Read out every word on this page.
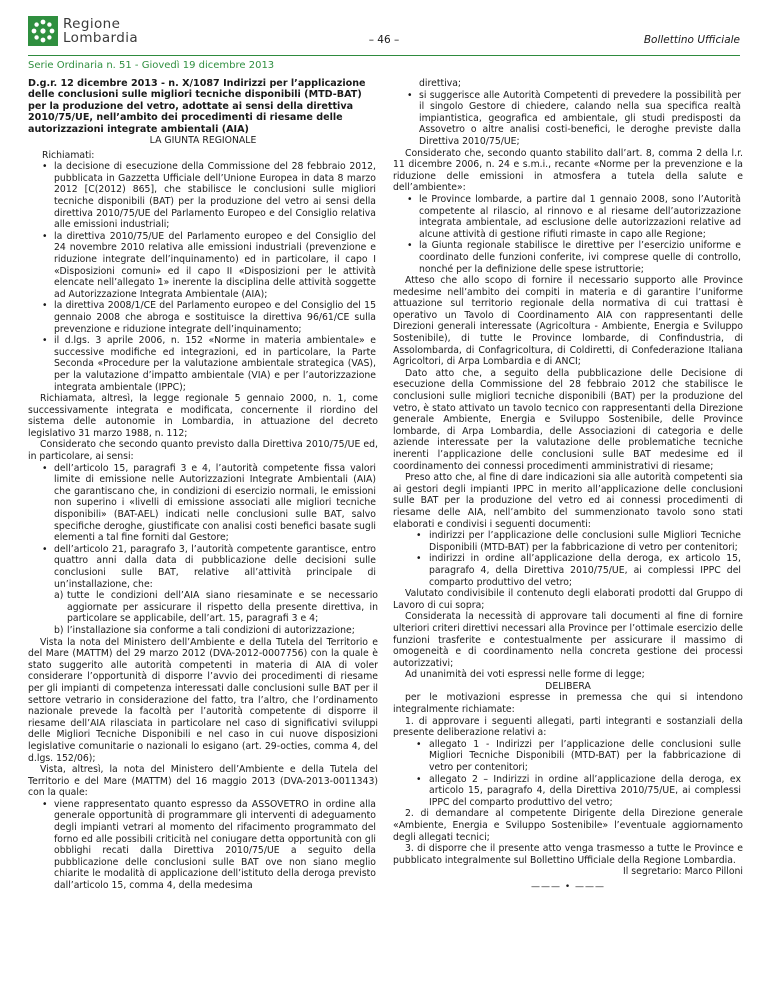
Regione
Lombardia	– 46 –	Bollettino Ufficiale
Serie Ordinaria n. 51 - Giovedì 19 dicembre 2013

D.g.r. 12 dicembre 2013 - n. X/1087 Indirizzi per l’applicazione delle conclusioni sulle migliori tecniche disponibili (MTD-BAT) per la produzione del vetro, adottate ai sensi della direttiva 2010/75/UE, nell’ambito dei procedimenti di riesame delle autorizzazioni integrate ambientali (AIA)

LA GIUNTA REGIONALE

Richiamati:

• la decisione di esecuzione della Commissione del 28 febbraio 2012, pubblicata in Gazzetta Ufficiale dell’Unione Europea in data 8 marzo 2012 [C(2012) 865], che stabilisce le conclusioni sulle migliori tecniche disponibili (BAT) per la produzione del vetro ai sensi della direttiva 2010/75/UE del Parlamento Europeo e del Consiglio relativa alle emissioni industriali;
• la direttiva 2010/75/UE del Parlamento europeo e del Consiglio del 24 novembre 2010 relativa alle emissioni industriali (prevenzione e riduzione integrate dell’inquinamento) ed in particolare, il capo I «Disposizioni comuni» ed il capo II «Disposizioni per le attività elencate nell’allegato 1» inerente la disciplina delle attività soggette ad Autorizzazione Integrata Ambientale (AIA);
• la direttiva 2008/1/CE del Parlamento europeo e del Consiglio del 15 gennaio 2008 che abroga e sostituisce la direttiva 96/61/CE sulla prevenzione e riduzione integrate dell’inquinamento;
• il d.lgs. 3 aprile 2006, n. 152 «Norme in materia ambientale» e successive modifiche ed integrazioni, ed in particolare, la Parte Seconda «Procedure per la valutazione ambientale strategica (VAS), per la valutazione d’impatto ambientale (VIA) e per l’autorizzazione integrata ambientale (IPPC);

Richiamata, altresì, la legge regionale 5 gennaio 2000, n. 1, come successivamente integrata e modificata, concernente il riordino del sistema delle autonomie in Lombardia, in attuazione del decreto legislativo 31 marzo 1988, n. 112;

Considerato che secondo quanto previsto dalla Direttiva 2010/75/UE ed, in particolare, ai sensi:

• dell’articolo 15, paragrafi 3 e 4, l’autorità competente fissa valori limite di emissione nelle Autorizzazioni Integrate Ambientali (AIA) che garantiscano che, in condizioni di esercizio normali, le emissioni non superino i «livelli di emissione associati alle migliori tecniche disponibili» (BAT-AEL) indicati nelle conclusioni sulle BAT, salvo specifiche deroghe, giustificate con analisi costi benefici basate sugli elementi a tal fine forniti dal Gestore;
• dell’articolo 21, paragrafo 3, l’autorità competente garantisce, entro quattro anni dalla data di pubblicazione delle decisioni sulle conclusioni sulle BAT, relative all’attività principale di un’installazione, che:

a) tutte le condizioni dell’AIA siano riesaminate e se necessario aggiornate per assicurare il rispetto della presente direttiva, in particolare se applicabile, dell’art. 15, paragrafi 3 e 4;

b) l’installazione sia conforme a tali condizioni di autorizzazione;

Vista la nota del Ministero dell’Ambiente e della Tutela del Territorio e del Mare (MATTM) del 29 marzo 2012 (DVA-2012-0007756) con la quale è stato suggerito alle autorità competenti in materia di AIA di voler considerare l’opportunità di disporre l’avvio dei procedimenti di riesame per gli impianti di competenza interessati dalle conclusioni sulle BAT per il settore vetrario in considerazione del fatto, tra l’altro, che l’ordinamento nazionale prevede la facoltà per l’autorità competente di disporre il riesame dell’AIA rilasciata in particolare nel caso di significativi sviluppi delle Migliori Tecniche Disponibili e nel caso in cui nuove disposizioni legislative comunitarie o nazionali lo esigano (art. 29-octies, comma 4, del d.lgs. 152/06);

Vista, altresì, la nota del Ministero dell’Ambiente e della Tutela del Territorio e del Mare (MATTM) del 16 maggio 2013 (DVA-2013-0011343) con la quale:

• viene rappresentato quanto espresso da ASSOVETRO in ordine alla generale opportunità di programmare gli interventi di adeguamento degli impianti vetrari al momento del rifacimento programmato del forno ed alle possibili criticità nel coniugare detta opportunità con gli obblighi recati dalla Direttiva 2010/75/UE a seguito della pubblicazione delle conclusioni sulle BAT ove non siano meglio chiarite le modalità di applicazione dell’istituto della deroga previsto dall’articolo 15, comma 4, della medesima

direttiva;

• si suggerisce alle Autorità Competenti di prevedere la possibilità per il singolo Gestore di chiedere, calando nella sua specifica realtà impiantistica, geografica ed ambientale, gli studi predisposti da Assovetro o altre analisi costi-benefici, le deroghe previste dalla Direttiva 2010/75/UE;

Considerato che, secondo quanto stabilito dall’art. 8, comma 2 della l.r. 11 dicembre 2006, n. 24 e s.m.i., recante «Norme per la prevenzione e la riduzione delle emissioni in atmosfera a tutela della salute e dell’ambiente»:

• le Province lombarde, a partire dal 1 gennaio 2008, sono l’Autorità competente al rilascio, al rinnovo e al riesame dell’autorizzazione integrata ambientale, ad esclusione delle autorizzazioni relative ad alcune attività di gestione rifiuti rimaste in capo alle Regione;
• la Giunta regionale stabilisce le direttive per l’esercizio uniforme e coordinato delle funzioni conferite, ivi comprese quelle di controllo, nonché per la definizione delle spese istruttorie;

Atteso che allo scopo di fornire il necessario supporto alle Province medesime nell’ambito dei compiti in materia e di garantire l’uniforme attuazione sul territorio regionale della normativa di cui trattasi è operativo un Tavolo di Coordinamento AIA con rappresentanti delle Direzioni generali interessate (Agricoltura - Ambiente, Energia e Sviluppo Sostenibile), di tutte le Province lombarde, di Confindustria, di Assolombarda, di Confagricoltura, di Coldiretti, di Confederazione Italiana Agricoltori, di Arpa Lombardia e di ANCI;

Dato atto che, a seguito della pubblicazione delle Decisione di esecuzione della Commissione del 28 febbraio 2012 che stabilisce le conclusioni sulle migliori tecniche disponibili (BAT) per la produzione del vetro, è stato attivato un tavolo tecnico con rappresentanti della Direzione generale Ambiente, Energia e Sviluppo Sostenibile, delle Province lombarde, di Arpa Lombardia, delle Associazioni di categoria e delle aziende interessate per la valutazione delle problematiche tecniche inerenti l’applicazione delle conclusioni sulle BAT medesime ed il coordinamento dei connessi procedimenti amministrativi di riesame;

Preso atto che, al fine di dare indicazioni sia alle autorità competenti sia ai gestori degli impianti IPPC in merito all’applicazione delle conclusioni sulle BAT per la produzione del vetro ed ai connessi procedimenti di riesame delle AIA, nell’ambito del summenzionato tavolo sono stati elaborati e condivisi i seguenti documenti:

• indirizzi per l’applicazione delle conclusioni sulle Migliori Tecniche Disponibili (MTD-BAT) per la fabbricazione di vetro per contenitori;
• indirizzi in ordine all’applicazione della deroga, ex articolo 15, paragrafo 4, della Direttiva 2010/75/UE, ai complessi IPPC del comparto produttivo del vetro;

Valutato condivisibile il contenuto degli elaborati prodotti dal Gruppo di Lavoro di cui sopra;

Considerata la necessità di approvare tali documenti al fine di fornire ulteriori criteri direttivi necessari alla Province per l’ottimale esercizio delle funzioni trasferite e contestualmente per assicurare il massimo di omogeneità e di coordinamento nella concreta gestione dei processi autorizzativi;

Ad unanimità dei voti espressi nelle forme di legge;

DELIBERA

per le motivazioni espresse in premessa che qui si intendono integralmente richiamate:

1. di approvare i seguenti allegati, parti integranti e sostanziali della presente deliberazione relativi a:

• allegato 1 - Indirizzi per l’applicazione delle conclusioni sulle Migliori Tecniche Disponibili (MTD-BAT) per la fabbricazione di vetro per contenitori;
• allegato 2 – Indirizzi in ordine all’applicazione della deroga, ex articolo 15, paragrafo 4, della Direttiva 2010/75/UE, ai complessi IPPC del comparto produttivo del vetro;

2. di demandare al competente Dirigente della Direzione generale «Ambiente, Energia e Sviluppo Sostenibile» l’eventuale aggiornamento degli allegati tecnici;

3. di disporre che il presente atto venga trasmesso a tutte le Province e pubblicato integralmente sul Bollettino Ufficiale della Regione Lombardia.

Il segretario: Marco Pilloni

——— • ———
